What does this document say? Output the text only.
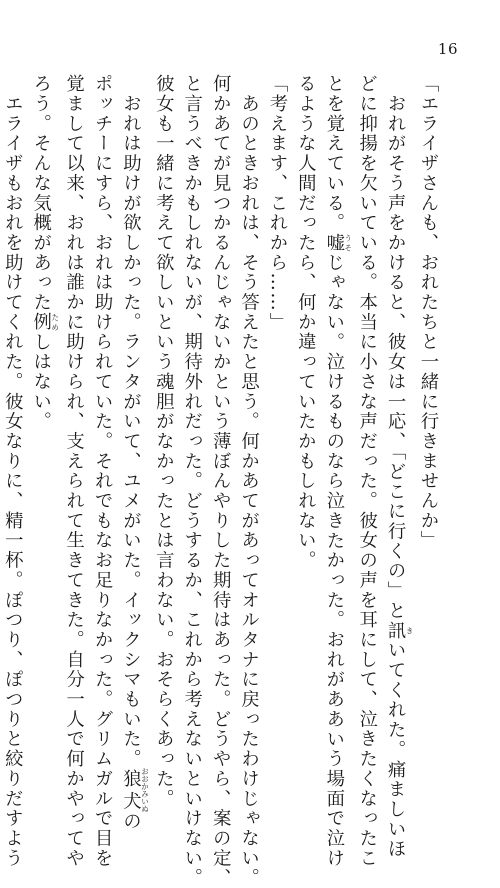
16
「エライザさんも、おれたちと一緒に行きませんか」
　おれがそう声をかけると、彼女は一応、「どこに行くの」と訊 きいてくれた。痛ましいほ
どに抑揚を欠いている。本当に小さな声だった。彼女の声を耳にして、泣きたくなったこ
とを覚えている。嘘 うそじゃない。泣けるものなら泣きたかった。おれがああいう場面で泣け
るような人間だったら、何か違っていたかもしれない。
「考えます、これから……」
　あのときおれは、そう答えたと思う。何かあてがあってオルタナに戻ったわけじゃない。
何かあてが見つかるんじゃないかという薄ぼんやりした期待はあった。どうやら、案の定、
と言うべきかもしれないが、期待外れだった。どうするか、これから考えないといけない。
彼女も一緒に考えて欲しいという魂胆がなかったとは言わない。おそらくあった。
　おれは助けが欲しかった。ランタがいて、ユメがいた。イックシマもいた。狼犬 おおかみいぬの
ポッチーにすら、おれは助けられていた。それでもなお足りなかった。グリムガルで目を
覚まして以来、おれは誰かに助けられ、支えられて生きてきた。自分一人で何かやってや
ろう。そんな気概があった例 ためしはない。
　エライザもおれを助けてくれた。彼女なりに、精一杯。ぽつり、ぽつりと絞りだすよう
